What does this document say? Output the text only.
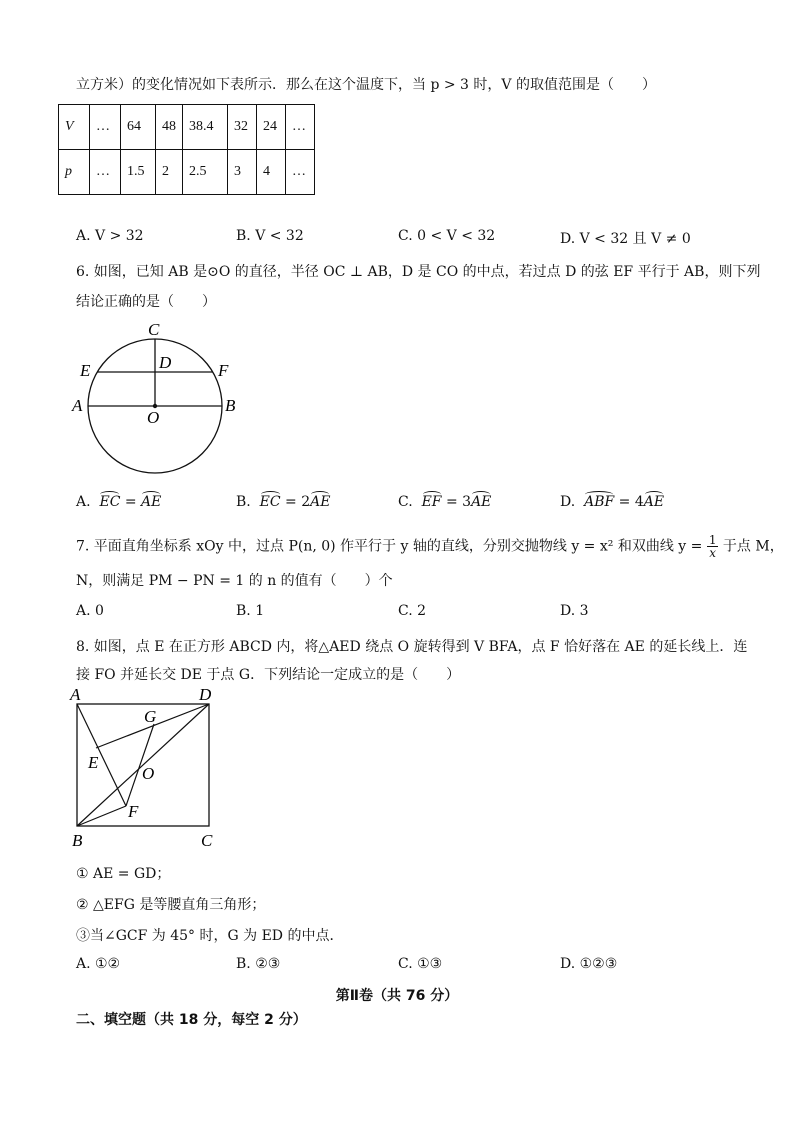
立方米）的变化情况如下表所示．那么在这个温度下，当 p > 3 时，V 的取值范围是（　　）
V	…	64	48	38.4	32	24	…
p	…	1.5	2	2.5	3	4	…
A. V > 32	B. V < 32	C. 0 < V < 32	D. V < 32 且 V ≠ 0
6. 如图，已知 AB 是⊙O 的直径，半径 OC ⊥ AB，D 是 CO 的中点，若过点 D 的弦 EF 平行于 AB，则下列
结论正确的是（　　）
C
D
E	F
A	B
O
A. EC = AE	B. EC = 2AE	C. EF = 3AE	D. ABF = 4AE
7. 平面直角坐标系 xOy 中，过点 P(n, 0) 作平行于 y 轴的直线，分别交抛物线 y = x² 和双曲线 $y = \frac{1}{x}$ 于点 M，
N，则满足 PM − PN = 1 的 n 的值有（　　）个
A. 0	B. 1	C. 2	D. 3
8. 如图，点 E 在正方形 ABCD 内，将△AED 绕点 O 旋转得到 V BFA，点 F 恰好落在 AE 的延长线上．连
接 FO 并延长交 DE 于点 G．下列结论一定成立的是（　　）
A	D
G
E
O
F
B	C
① AE = GD；
② △EFG 是等腰直角三角形；
③当∠GCF 为 45° 时，G 为 ED 的中点．
A. ①②	B. ②③	C. ①③	D. ①②③
第Ⅱ卷（共 76 分）
二、填空题（共 18 分，每空 2 分）
